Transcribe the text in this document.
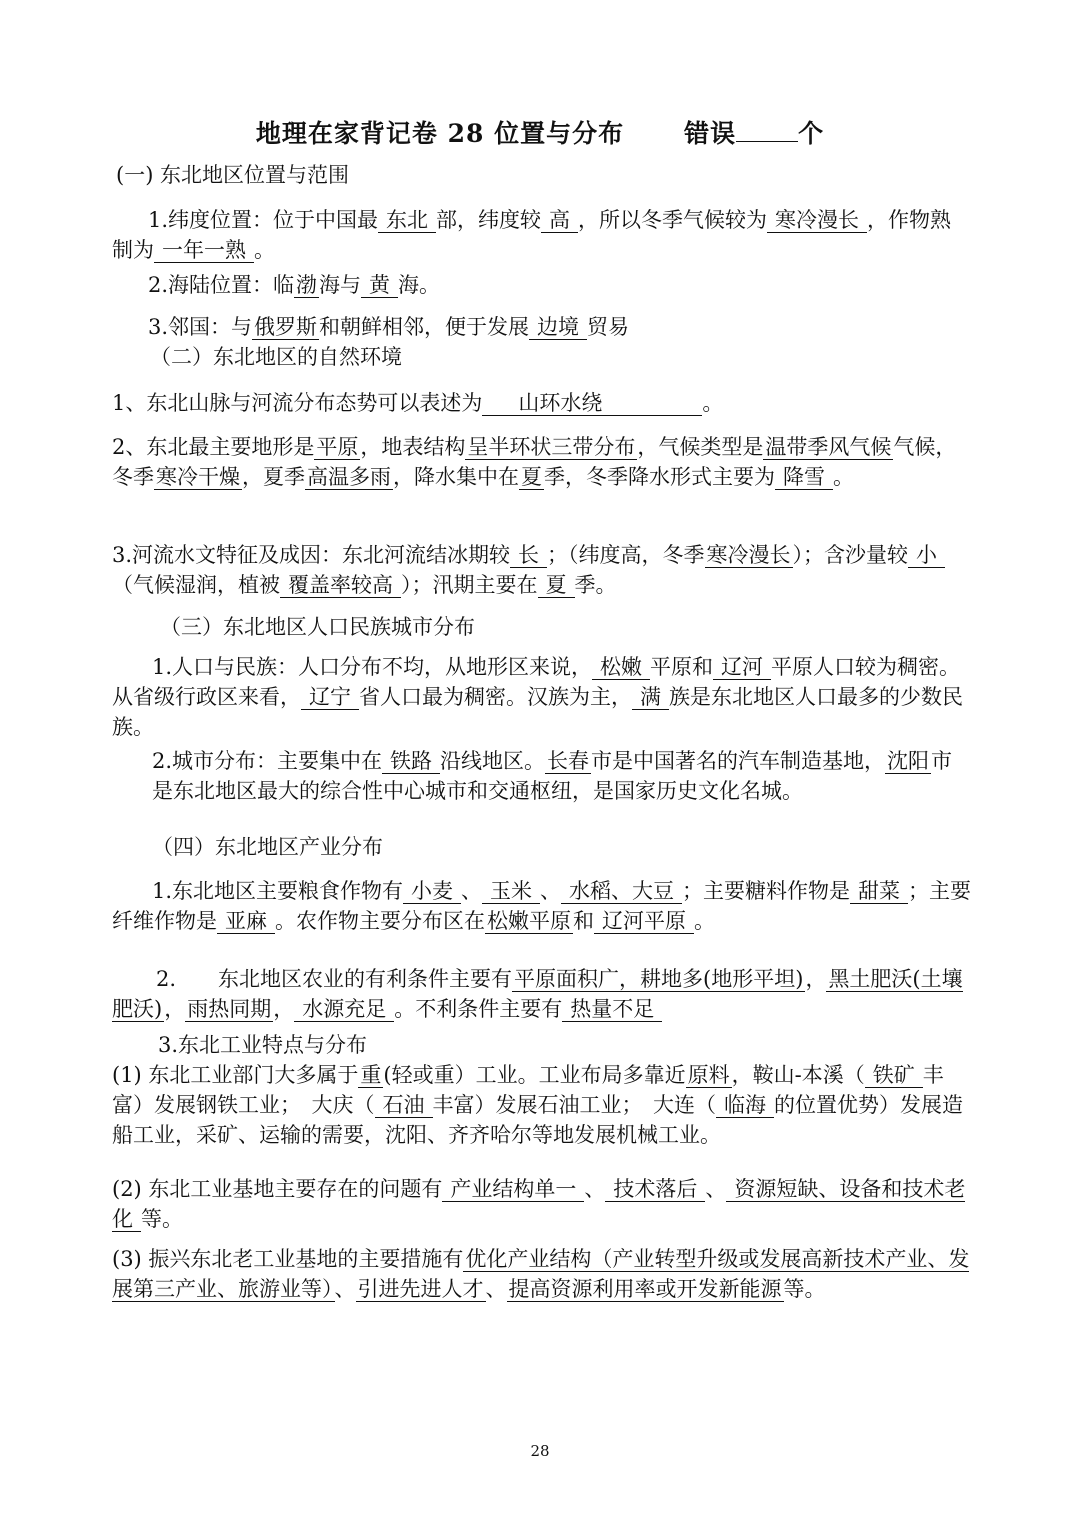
地理在家背记卷 28 位置与分布 错误 个
(一) 东北地区位置与范围
1.纬度位置：位于中国最 东北 部，纬度较 高 ，所以冬季气候较为 寒冷漫长 ，作物熟制为 一年一熟 。
2.海陆位置：临渤海与 黄 海。
3.邻国：与俄罗斯和朝鲜相邻，便于发展 边境 贸易
（二）东北地区的自然环境
1、东北山脉与河流分布态势可以表述为 山环水绕	。
2、东北最主要地形是平原，地表结构呈半环状三带分布，气候类型是温带季风气候气候，冬季寒冷干燥，夏季高温多雨，降水集中在夏季，冬季降水形式主要为 降雪 。
3.河流水文特征及成因：东北河流结冰期较 长 ；（纬度高，冬季寒冷漫长）；含沙量较 小（气候湿润，植被 覆盖率较高 ）；汛期主要在 夏 季。
（三）东北地区人口民族城市分布
1.人口与民族：人口分布不均，从地形区来说， 松嫩 平原和 辽河 平原人口较为稠密。 从省级行政区来看， 辽宁 省人口最为稠密。汉族为主， 满 族是东北地区人口最多的少数民族。
2.城市分布：主要集中在 铁路 沿线地区。长春市是中国著名的汽车制造基地，沈阳市是东北地区最大的综合性中心城市和交通枢纽，是国家历史文化名城。
（四）东北地区产业分布
1.东北地区主要粮食作物有 小麦 、 玉米 、 水稻、大豆 ；主要糖料作物是 甜菜 ；主要纤维作物是 亚麻 。农作物主要分布区在松嫩平原和 辽河平原 。
2.　　东北地区农业的有利条件主要有平原面积广，耕地多(地形平坦)，黑土肥沃(土壤肥沃)，雨热同期， 水源充足 。不利条件主要有 热量不足
3.东北工业特点与分布
(1) 东北工业部门大多属于重(轻或重）工业。工业布局多靠近原料，鞍山-本溪（ 铁矿 丰富）发展钢铁工业；　大庆（ 石油 丰富）发展石油工业；　大连（ 临海 的位置优势）发展造船工业，采矿、运输的需要，沈阳、齐齐哈尔等地发展机械工业。
(2) 东北工业基地主要存在的问题有 产业结构单一 、 技术落后 、 资源短缺、设备和技术老化 等。
(3) 振兴东北老工业基地的主要措施有优化产业结构（产业转型升级或发展高新技术产业、发展第三产业、旅游业等）、引进先进人才、提高资源利用率或开发新能源等。
28
